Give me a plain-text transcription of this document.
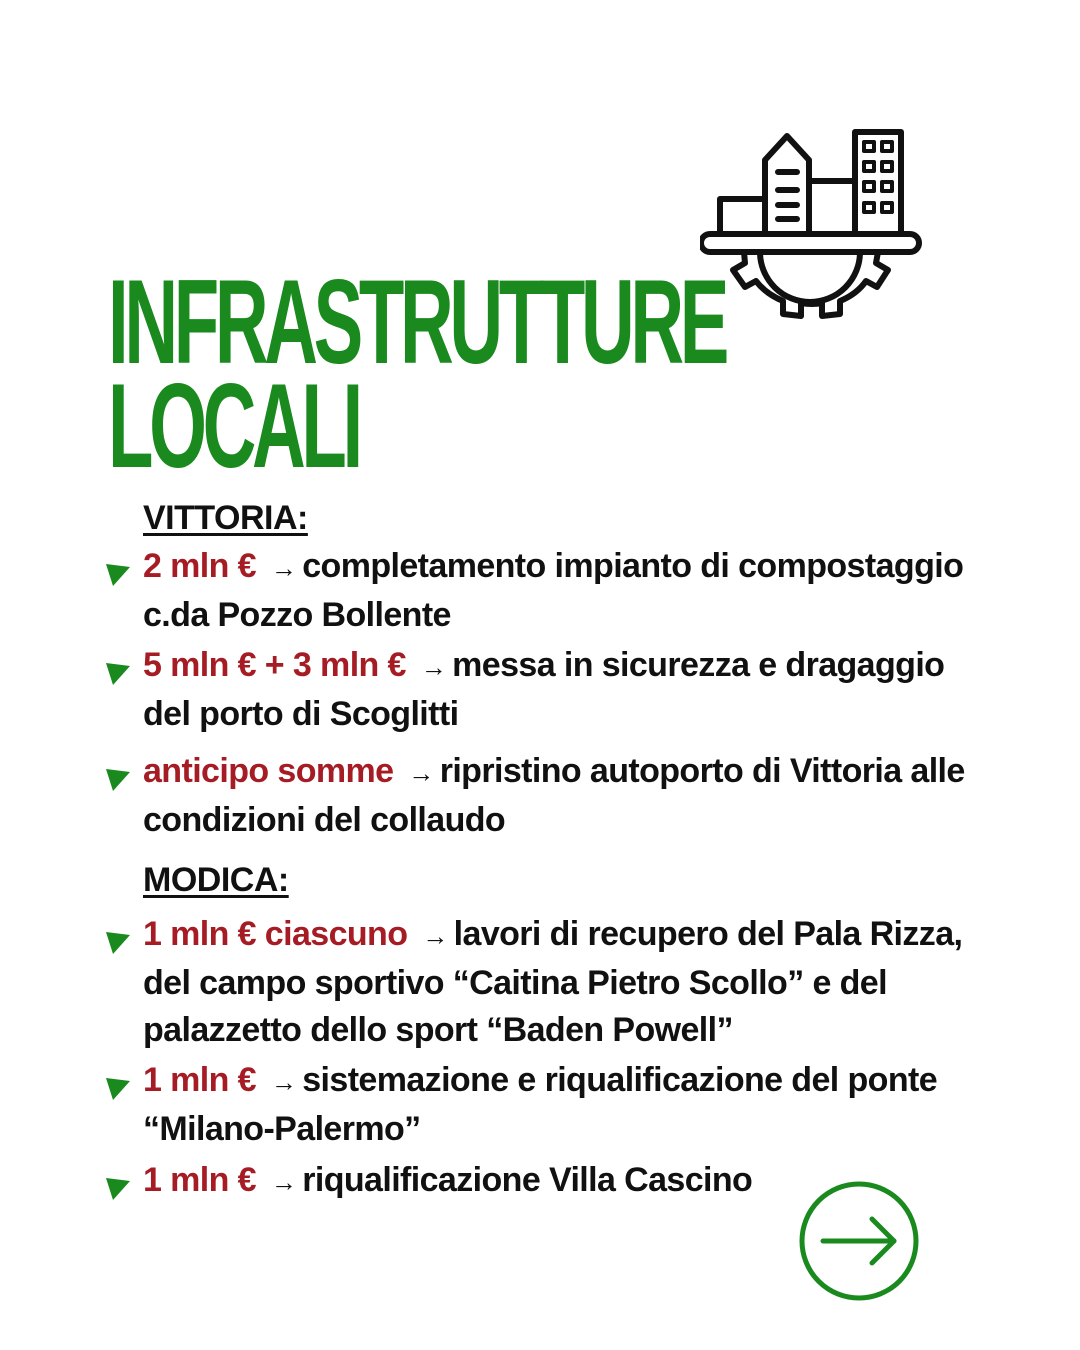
INFRASTRUTTURE
LOCALI
VITTORIA:

2 mln € → completamento impianto di compostaggio c.da Pozzo Bollente

5 mln € + 3 mln € → messa in sicurezza e dragaggio del porto di Scoglitti

anticipo somme → ripristino autoporto di Vittoria alle condizioni del collaudo

MODICA:

1 mln € ciascuno → lavori di recupero del Pala Rizza, del campo sportivo “Caitina Pietro Scollo” e del palazzetto dello sport “Baden Powell”

1 mln € → sistemazione e riqualificazione del ponte “Milano-Palermo”

1 mln € → riqualificazione Villa Cascino
